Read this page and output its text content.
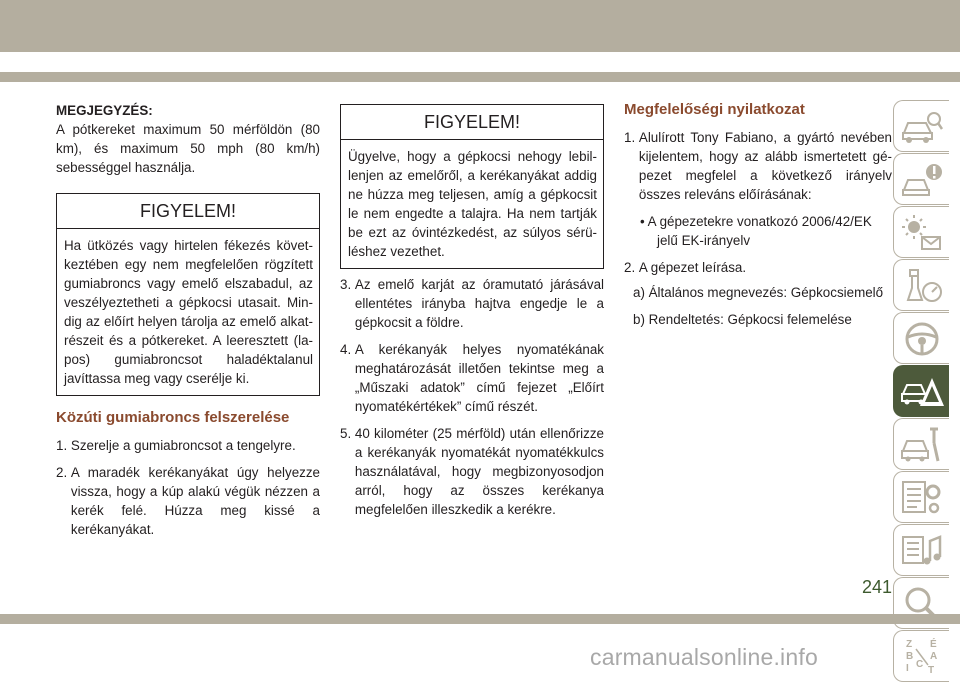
MEGJEGYZÉS:

A pótkereket maximum 50 mérföldön (80 km), és maximum 50 mph (80 km/h) sebességgel használja.

FIGYELEM!
Ha ütközés vagy hirtelen fékezés következtében egy nem megfelelően rögzített gumiabroncs vagy emelő elszabadul, az veszélyeztetheti a gépkocsi utasait. Mindig az előírt helyen tárolja az emelő alkatrészeit és a pótkereket. A leeresztett (lapos) gumiabroncsot haladéktalanul javíttassa meg vagy cserélje ki.
Közúti gumiabroncs felszerelése
1. Szerelje a gumiabroncsot a tengelyre.
2. A maradék kerékanyákat úgy helyezze vissza, hogy a kúp alakú végük nézzen a kerék felé. Húzza meg kissé a kerékanyákat.
FIGYELEM!
Ügyelve, hogy a gépkocsi nehogy lebillenjen az emelőről, a kerékanyákat addig ne húzza meg teljesen, amíg a gépkocsit le nem engedte a talajra. Ha nem tartják be ezt az óvintézkedést, az súlyos sérüléshez vezethet.
3. Az emelő karját az óramutató járásával ellentétes irányba hajtva engedje le a gépkocsit a földre.
4. A kerékanyák helyes nyomatékának meghatározását illetően tekintse meg a „Műszaki adatok” című fejezet „Előírt nyomatékértékek” című részét.
5. 40 kilométer (25 mérföld) után ellenőrizze a kerékanyák nyomatékát nyomatékkulcs használatával, hogy megbizonyosodjon arról, hogy az összes kerékanya megfelelően illeszkedik a kerékre.
Megfelelőségi nyilatkozat
1. Alulírott Tony Fabiano, a gyártó nevében kijelentem, hogy az alább ismertetett gépezet megfelel a következő irányelv összes releváns előírásának:

• A gépezetekre vonatkozó 2006/42/EK jelű EK-irányelv

2. A gépezet leírása.

a) Általános megnevezés: Gépkocsiemelő

b) Rendeltetés: Gépkocsi felemelése

Z É
B A
I C
T
241
carmanualsonline.info
